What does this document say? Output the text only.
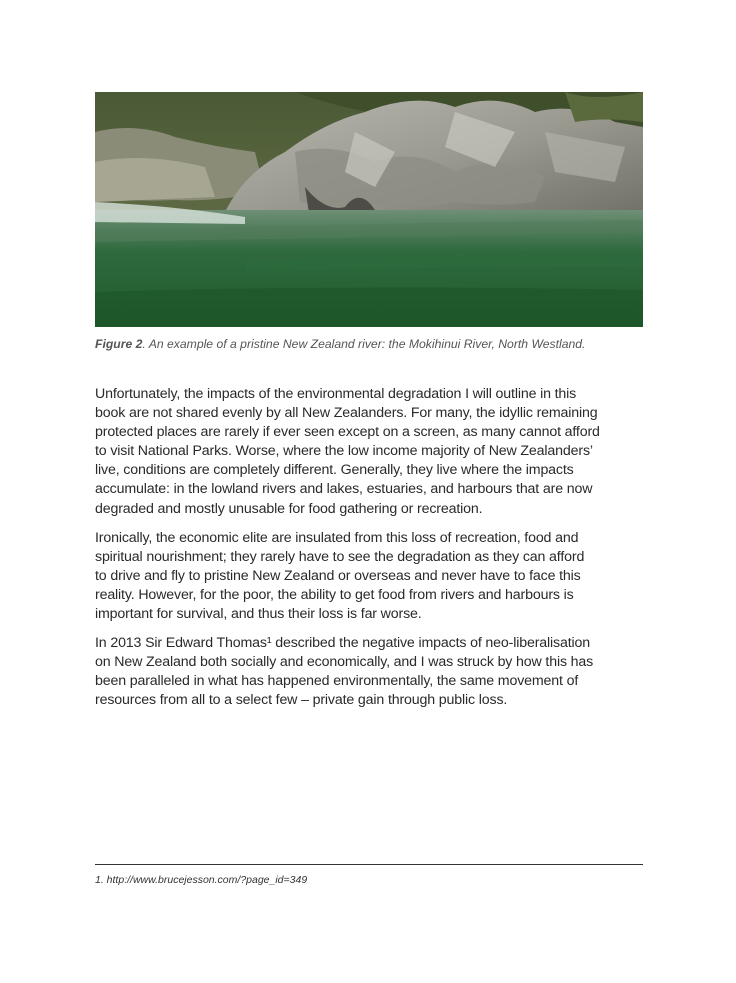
Figure 2. An example of a pristine New Zealand river: the Mokihinui River, North Westland.

Unfortunately, the impacts of the environmental degradation I will outline in this
book are not shared evenly by all New Zealanders. For many, the idyllic remaining
protected places are rarely if ever seen except on a screen, as many cannot afford
to visit National Parks. Worse, where the low income majority of New Zealanders’
live, conditions are completely different. Generally, they live where the impacts
accumulate: in the lowland rivers and lakes, estuaries, and harbours that are now
degraded and mostly unusable for food gathering or recreation.

Ironically, the economic elite are insulated from this loss of recreation, food and
spiritual nourishment; they rarely have to see the degradation as they can afford
to drive and fly to pristine New Zealand or overseas and never have to face this
reality. However, for the poor, the ability to get food from rivers and harbours is
important for survival, and thus their loss is far worse.

In 2013 Sir Edward Thomas¹ described the negative impacts of neo-liberalisation
on New Zealand both socially and economically, and I was struck by how this has
been paralleled in what has happened environmentally, the same movement of
resources from all to a select few – private gain through public loss.

1. http://www.brucejesson.com/?page_id=349
